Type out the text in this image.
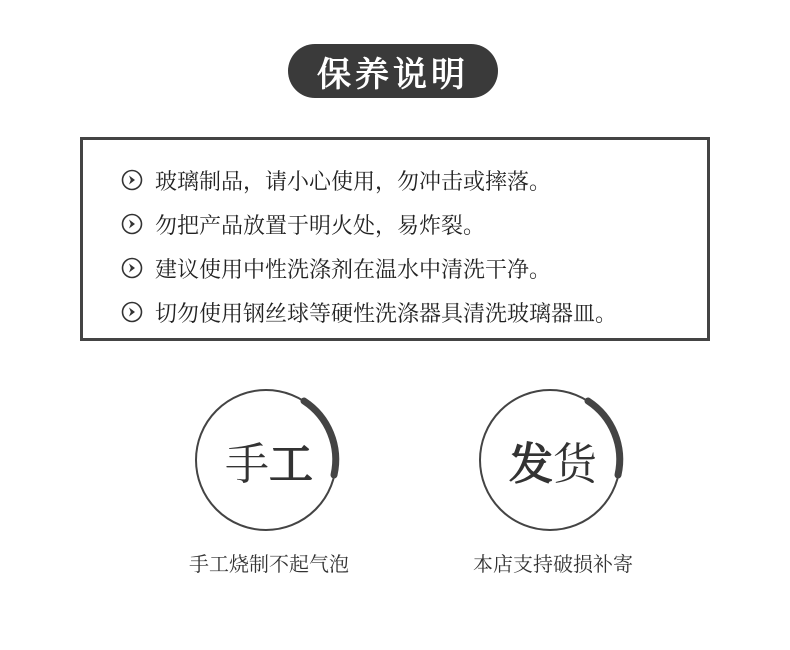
保养说明
玻璃制品，请小心使用，勿冲击或摔落。
勿把产品放置于明火处，易炸裂。
建议使用中性洗涤剂在温水中清洗干净。
切勿使用钢丝球等硬性洗涤器具清洗玻璃器皿。
手 工
手工烧制不起气泡
发 货
本店支持破损补寄
